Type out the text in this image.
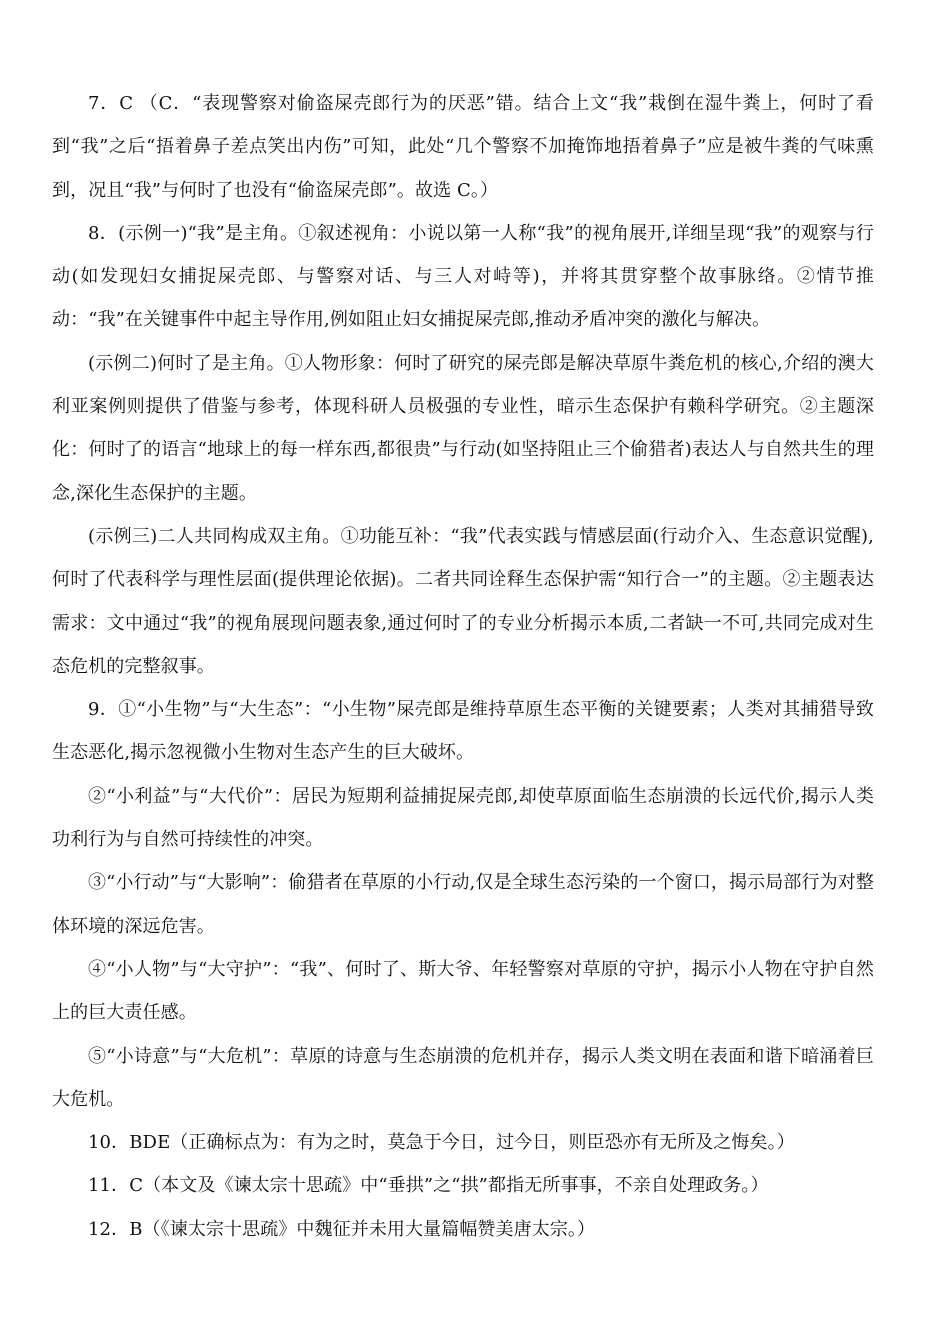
7．C （C．“表现警察对偷盗屎壳郎行为的厌恶”错。结合上文“我”栽倒在湿牛粪上，何时了看到“我”之后“捂着鼻子差点笑出内伤”可知，此处“几个警察不加掩饰地捂着鼻子”应是被牛粪的气味熏到，况且“我”与何时了也没有“偷盗屎壳郎”。故选 C。）

8．(示例一)“我”是主角。①叙述视角：小说以第一人称“我”的视角展开,详细呈现“我”的观察与行动(如发现妇女捕捉屎壳郎、与警察对话、与三人对峙等)，并将其贯穿整个故事脉络。②情节推动：“我”在关键事件中起主导作用,例如阻止妇女捕捉屎壳郎,推动矛盾冲突的激化与解决。

(示例二)何时了是主角。①人物形象：何时了研究的屎壳郎是解决草原牛粪危机的核心,介绍的澳大利亚案例则提供了借鉴与参考，体现科研人员极强的专业性，暗示生态保护有赖科学研究。②主题深化：何时了的语言“地球上的每一样东西,都很贵”与行动(如坚持阻止三个偷猎者)表达人与自然共生的理念,深化生态保护的主题。

(示例三)二人共同构成双主角。①功能互补：“我”代表实践与情感层面(行动介入、生态意识觉醒),何时了代表科学与理性层面(提供理论依据)。二者共同诠释生态保护需“知行合一”的主题。②主题表达需求：文中通过“我”的视角展现问题表象,通过何时了的专业分析揭示本质,二者缺一不可,共同完成对生态危机的完整叙事。

9．①“小生物”与“大生态”：“小生物”屎壳郎是维持草原生态平衡的关键要素；人类对其捕猎导致生态恶化,揭示忽视微小生物对生态产生的巨大破坏。

②“小利益”与“大代价”：居民为短期利益捕捉屎壳郎,却使草原面临生态崩溃的长远代价,揭示人类功利行为与自然可持续性的冲突。

③“小行动”与“大影响”：偷猎者在草原的小行动,仅是全球生态污染的一个窗口，揭示局部行为对整体环境的深远危害。

④“小人物”与“大守护”：“我”、何时了、斯大爷、年轻警察对草原的守护，揭示小人物在守护自然上的巨大责任感。

⑤“小诗意”与“大危机”：草原的诗意与生态崩溃的危机并存，揭示人类文明在表面和谐下暗涌着巨大危机。

10．BDE（正确标点为：有为之时，莫急于今日，过今日，则臣恐亦有无所及之悔矣。）

11．C（本文及《谏太宗十思疏》中“垂拱”之“拱”都指无所事事，不亲自处理政务。）

12．B（《谏太宗十思疏》中魏征并未用大量篇幅赞美唐太宗。）
